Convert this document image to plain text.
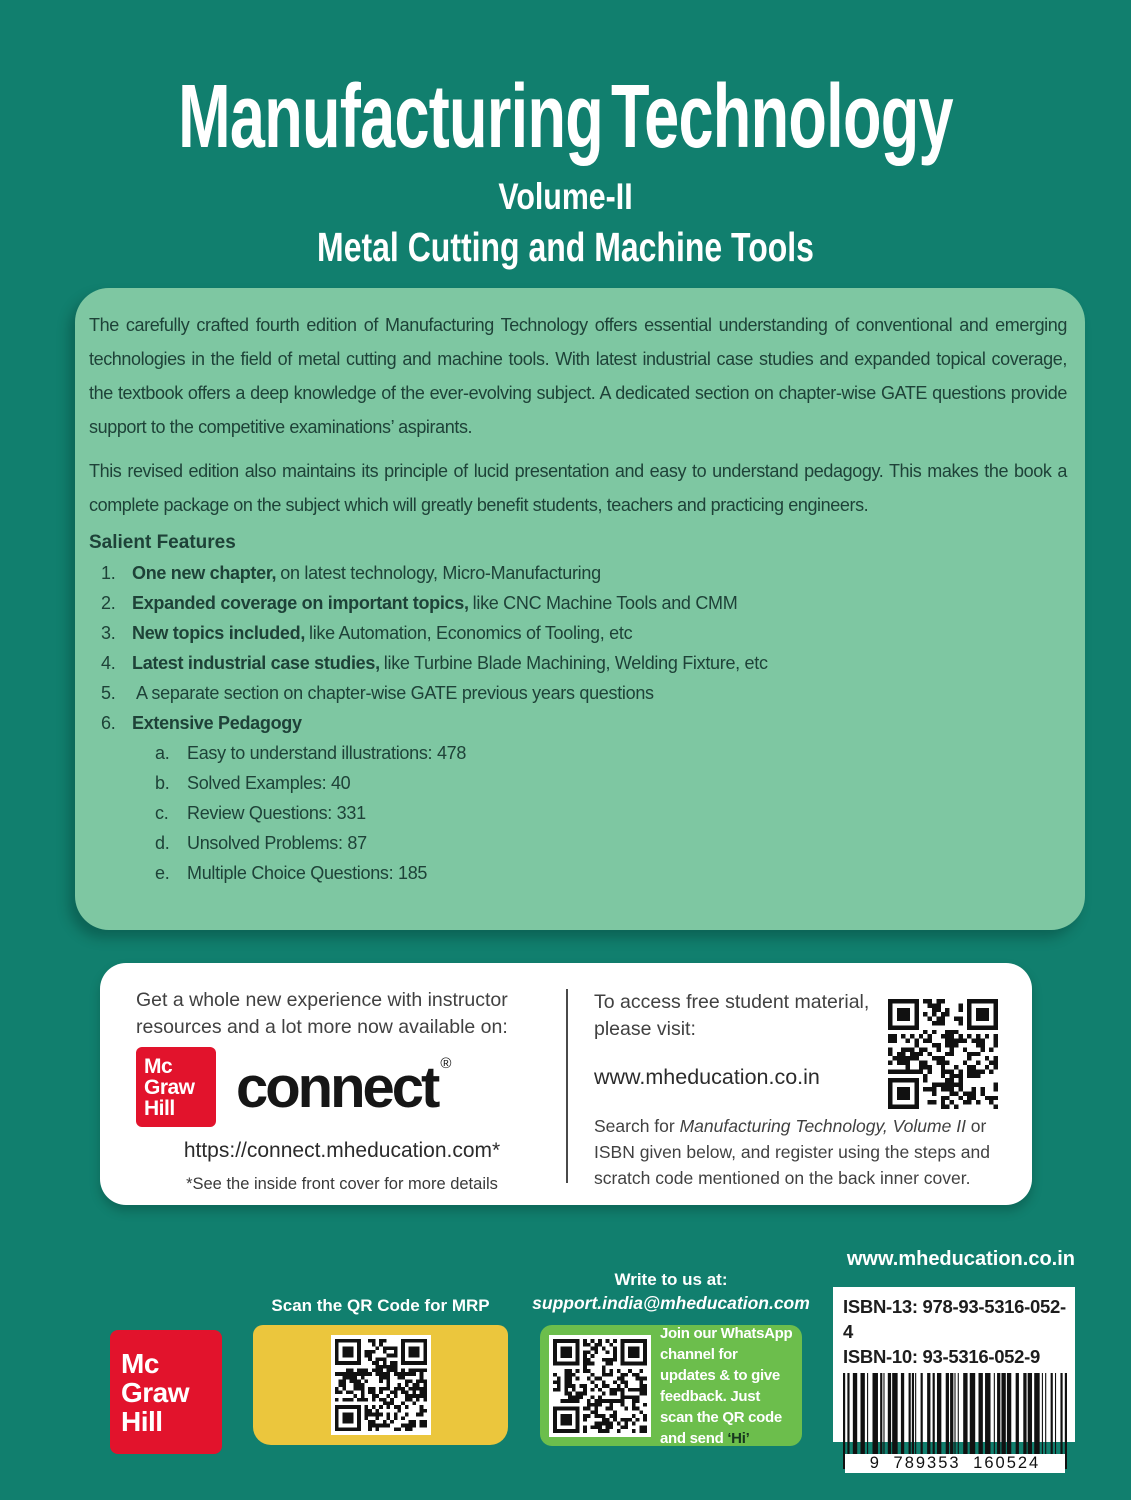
Manufacturing Technology
Volume-II
Metal Cutting and Machine Tools

The carefully crafted fourth edition of Manufacturing Technology offers essential understanding of conventional and emerging technologies in the field of metal cutting and machine tools. With latest industrial case studies and expanded topical coverage, the textbook offers a deep knowledge of the ever-evolving subject. A dedicated section on chapter-wise GATE questions provide support to the competitive examinations’ aspirants.

This revised edition also maintains its principle of lucid presentation and easy to understand pedagogy. This makes the book a complete package on the subject which will greatly benefit students, teachers and practicing engineers.

Salient Features
1. One new chapter, on latest technology, Micro-Manufacturing
2. Expanded coverage on important topics, like CNC Machine Tools and CMM
3. New topics included, like Automation, Economics of Tooling, etc
4. Latest industrial case studies, like Turbine Blade Machining, Welding Fixture, etc
5.	A separate section on chapter-wise GATE previous years questions
6. Extensive Pedagogy
a. Easy to understand illustrations: 478
b. Solved Examples: 40
c.	Review Questions: 331
d. Unsolved Problems: 87
e. Multiple Choice Questions: 185
Get a whole new experience with instructor
resources and a lot more now available on:
Mc
Graw
Hill	connect ®
https://connect.mheducation.com*
*See the inside front cover for more details
To access free student material,
please visit:
www.mheducation.co.in
Search for Manufacturing Technology, Volume II or ISBN given below, and register using the steps and scratch code mentioned on the back inner cover.
www.mheducation.co.in
Mc
Graw
Hill
Scan the QR Code for MRP
Write to us at:
support.india@mheducation.com
Join our WhatsApp channel for updates & to give feedback. Just scan the QR code and send ‘Hi’
ISBN-13: 978-93-5316-052-4
ISBN-10: 93-5316-052-9
9 789353 160524
